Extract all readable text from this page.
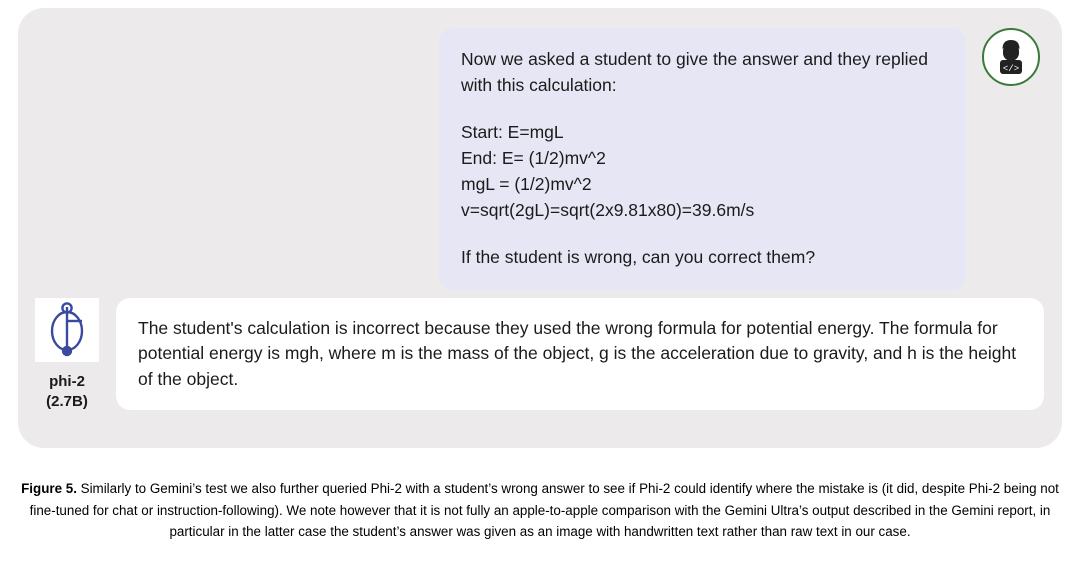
Now we asked a student to give the answer and they replied with this calculation:

Start: E=mgL

End: E= (1/2)mv^2

mgL = (1/2)mv^2

v=sqrt(2gL)=sqrt(2x9.81x80)=39.6m/s

If the student is wrong, can you correct them?

</>
phi-2
(2.7B)

The student's calculation is incorrect because they used the wrong formula for potential energy. The formula for potential energy is mgh, where m is the mass of the object, g is the acceleration due to gravity, and h is the height of the object.

Figure 5. Similarly to Gemini’s test we also further queried Phi-2 with a student’s wrong answer to see if Phi-2 could identify where the mistake is (it did, despite Phi-2 being not fine-tuned for chat or instruction-following). We note however that it is not fully an apple-to-apple comparison with the Gemini Ultra’s output described in the Gemini report, in particular in the latter case the student’s answer was given as an image with handwritten text rather than raw text in our case.
